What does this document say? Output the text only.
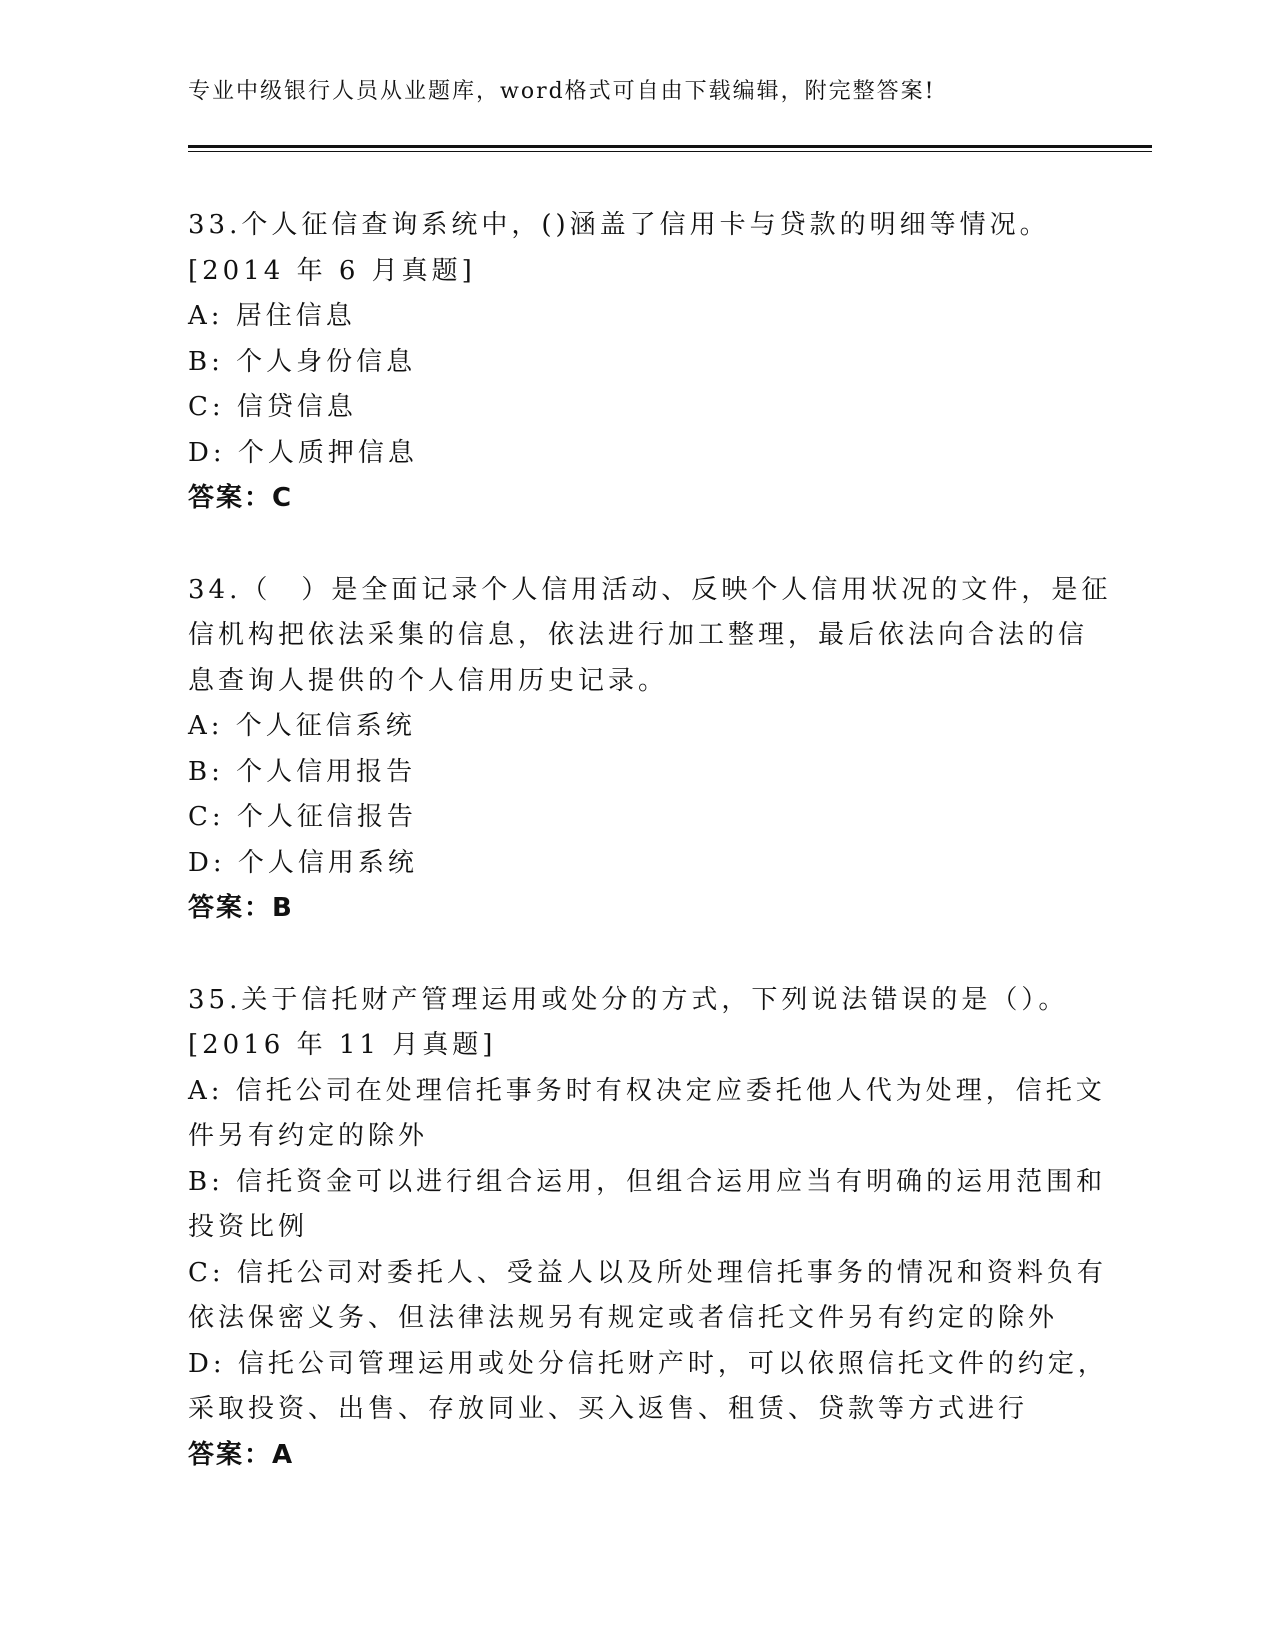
专业中级银行人员从业题库，word格式可自由下载编辑，附完整答案!
33.个人征信查询系统中，()涵盖了信用卡与贷款的明细等情况。
[2014 年 6 月真题]
A: 居住信息
B: 个人身份信息
C: 信贷信息
D: 个人质押信息
答案：C
34.（　）是全面记录个人信用活动、反映个人信用状况的文件，是征
信机构把依法采集的信息，依法进行加工整理，最后依法向合法的信
息查询人提供的个人信用历史记录。
A: 个人征信系统
B: 个人信用报告
C: 个人征信报告
D: 个人信用系统
答案：B
35.关于信托财产管理运用或处分的方式，下列说法错误的是（）。
[2016 年 11 月真题]
A: 信托公司在处理信托事务时有权决定应委托他人代为处理，信托文
件另有约定的除外
B: 信托资金可以进行组合运用，但组合运用应当有明确的运用范围和
投资比例
C: 信托公司对委托人、受益人以及所处理信托事务的情况和资料负有
依法保密义务、但法律法规另有规定或者信托文件另有约定的除外
D: 信托公司管理运用或处分信托财产时，可以依照信托文件的约定，
采取投资、出售、存放同业、买入返售、租赁、贷款等方式进行
答案：A
